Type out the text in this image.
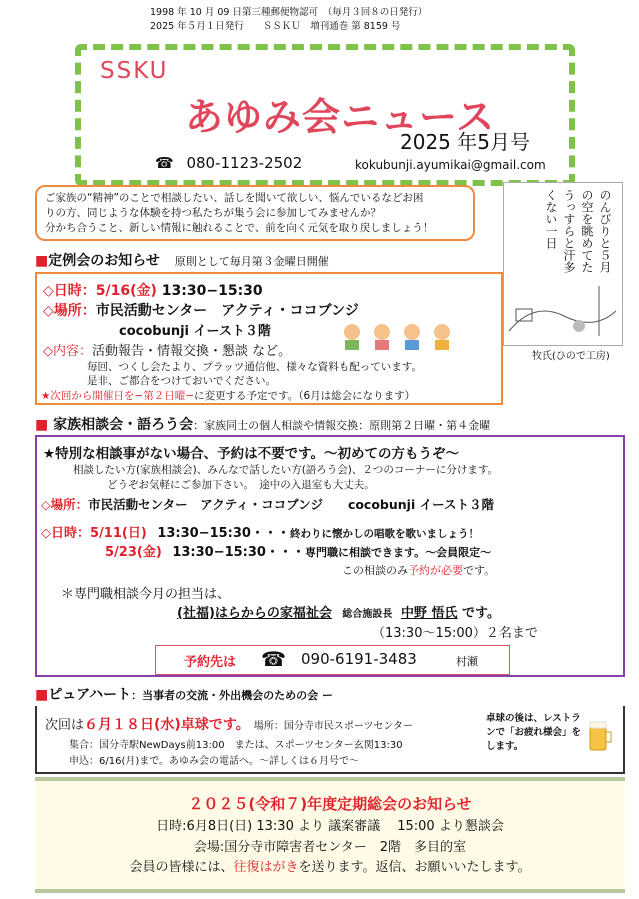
1998 年 10 月 09 日第三種郵便物認可　（毎月３回８の日発行）
2025 年５月１日発行　　ＳＳＫＵ　増刊通巻 第 8159 号
SSKU
あゆみ会ニュース
2025 年5月号
☎ 080-1123-2502	kokubunji.ayumikai@gmail.com
ご家族の“精神”のことで相談したい、話しを聞いて欲しい、悩んでいるなどお困
りの方、同じような体験を持つ私たちが集う会に参加してみませんか？
分かち合うこと、新しい情報に触れることで、前を向く元気を取り戻しましょう！	のんびりと５月の空を眺めてたうっすらと汗多くない一日
牧氏(ひので工房)
■定例会のお知らせ 原則として毎月第３金曜日開催
◇日時：5/16(金) 13:30−15:30
◇場所：市民活動センター　アクティ・ココブンジ
cocobunji イースト３階
◇内容：活動報告・情報交換・懇談 など。
毎回、つくし会たより、プラッツ通信他、様々な資料も配っています。
是非、ご都合をつけておいでください。
★次回から開催日を−第２日曜−に変更する予定です。（6月は総会になります）
■ 家族相談会・語ろう会：家族同士の個人相談や情報交換：原則第２日曜・第４金曜
★特別な相談事がない場合、予約は不要です。〜初めての方もうぞ〜
相談したい方(家族相談会)、みんなで話したい方(語ろう会)、２つのコーナーに分けます。
どうぞお気軽にご参加下さい。　途中の入退室も大丈夫。
◇場所：市民活動センター　アクティ・ココブンジ　　cocobunji イースト３階
◇日時：5/11(日) 13:30−15:30・・・終わりに懐かしの唱歌を歌いましょう！
5/23(金) 13:30−15:30・・・専門職に相談できます。〜会員限定〜
この相談のみ予約が必要です。
＊専門職相談今月の担当は、
(社福)はらからの家福祉会 総合施設長 中野 悟氏 です。
（13:30〜15:00）２名まで
予約先は ☎ 090-6191-3483	村瀬
■ピュアハート：当事者の交流・外出機会のための会 ー
次回は６月１８日(水)卓球です。 場所：国分寺市民スポーツセンター
集合：国分寺駅NewDays前13:00　または、スポーツセンター玄関13:30
申込：6/16(月)まで。あゆみ会の電話へ。〜詳しくは６月号で〜
卓球の後は、レストランで「お疲れ様会」をします。
２０２５(令和７)年度定期総会のお知らせ
日時:6月8日(日) 13:30 より 議案審議　 15:00 より懇談会
会場:国分寺市障害者センター　2階　多目的室
会員の皆様には、往復はがきを送ります。返信、お願いいたします。
